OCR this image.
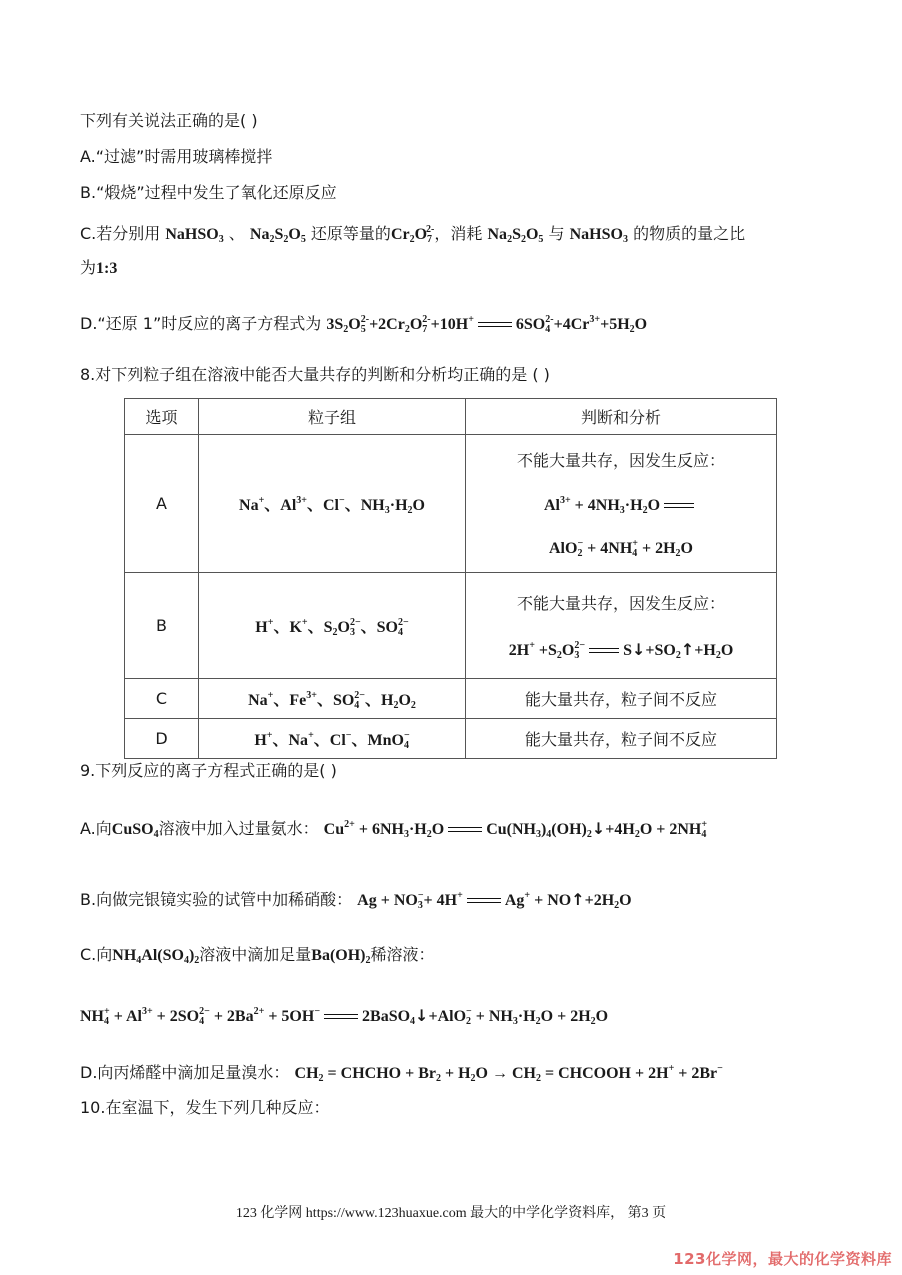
下列有关说法正确的是( )
A.“过滤”时需用玻璃棒搅拌
B.“煅烧”过程中发生了氧化还原反应
C.若分别用 NaHSO$_3$ 、 $Na_2S_2O_5$ 还原等量的$Cr_2O_7^{2-}$，消耗 $Na_2S_2O_5$ 与 NaHSO$_3$ 的物质的量之比
为1:3
D.“还原 1”时反应的离子方程式为 $3S_2O_5^{2-}+2Cr_2O_7^{2-}+10H^+$	$6SO_4^{2-}+4Cr^{3+}+5H_2O$
8.对下列粒子组在溶液中能否大量共存的判断和分析均正确的是 ( )
选项	粒子组	判断和分析
A	Na+、$Al^{3+}$、Cl−、$NH_3\cdot H_2O$	不能大量共存，因发生反应：
$Al^{3+} + 4NH_3\cdot H_2O$
$AlO_2^- + 4NH_4^+ + 2H_2O$

B	H+、K+、$S_2O_3^{2-}$、$SO_4^{2-}$	不能大量共存，因发生反应：
$2H^+ +S_2O_3^{2-}$ $S↓+SO_2↑+H_2O$

C	Na+、$Fe^{3+}$、$SO_4^{2-}$、$H_2O_2$	能大量共存，粒子间不反应
D	H+、Na+、Cl−、MnO$_4$−	能大量共存，粒子间不反应
9.下列反应的离子方程式正确的是( )
A.向CuSO$_4$溶液中加入过量氨水： $Cu^{2+} + 6NH_3\cdot H_2O$	$Cu(NH_3)_4(OH)_2↓+4H_2O + 2NH_4^+$
B.向做完银镜实验的试管中加稀硝酸： $Ag + NO_3^-+ 4H^+$	$Ag^+ + NO↑+2H_2O$
C.向$NH_4Al(SO_4)_2$溶液中滴加足量$Ba(OH)_2$稀溶液：
$NH_4^+ + Al^{3+} + 2SO_4^{2-} + 2Ba^{2+} + 5OH^-$	2BaSO$_4$↓+AlO$_2$− + $NH_3\cdot H_2O + 2H_2O$
D.向丙烯醛中滴加足量溴水： $CH_2$ = CHCHO + $Br_2 + H_2O \to CH_2$ = CHCOOH + 2H+ + 2Br−
10.在室温下，发生下列几种反应：
123 化学网 https://www.123huaxue.com 最大的中学化学资料库， 第3 页
123化学网，最大的化学资料库
